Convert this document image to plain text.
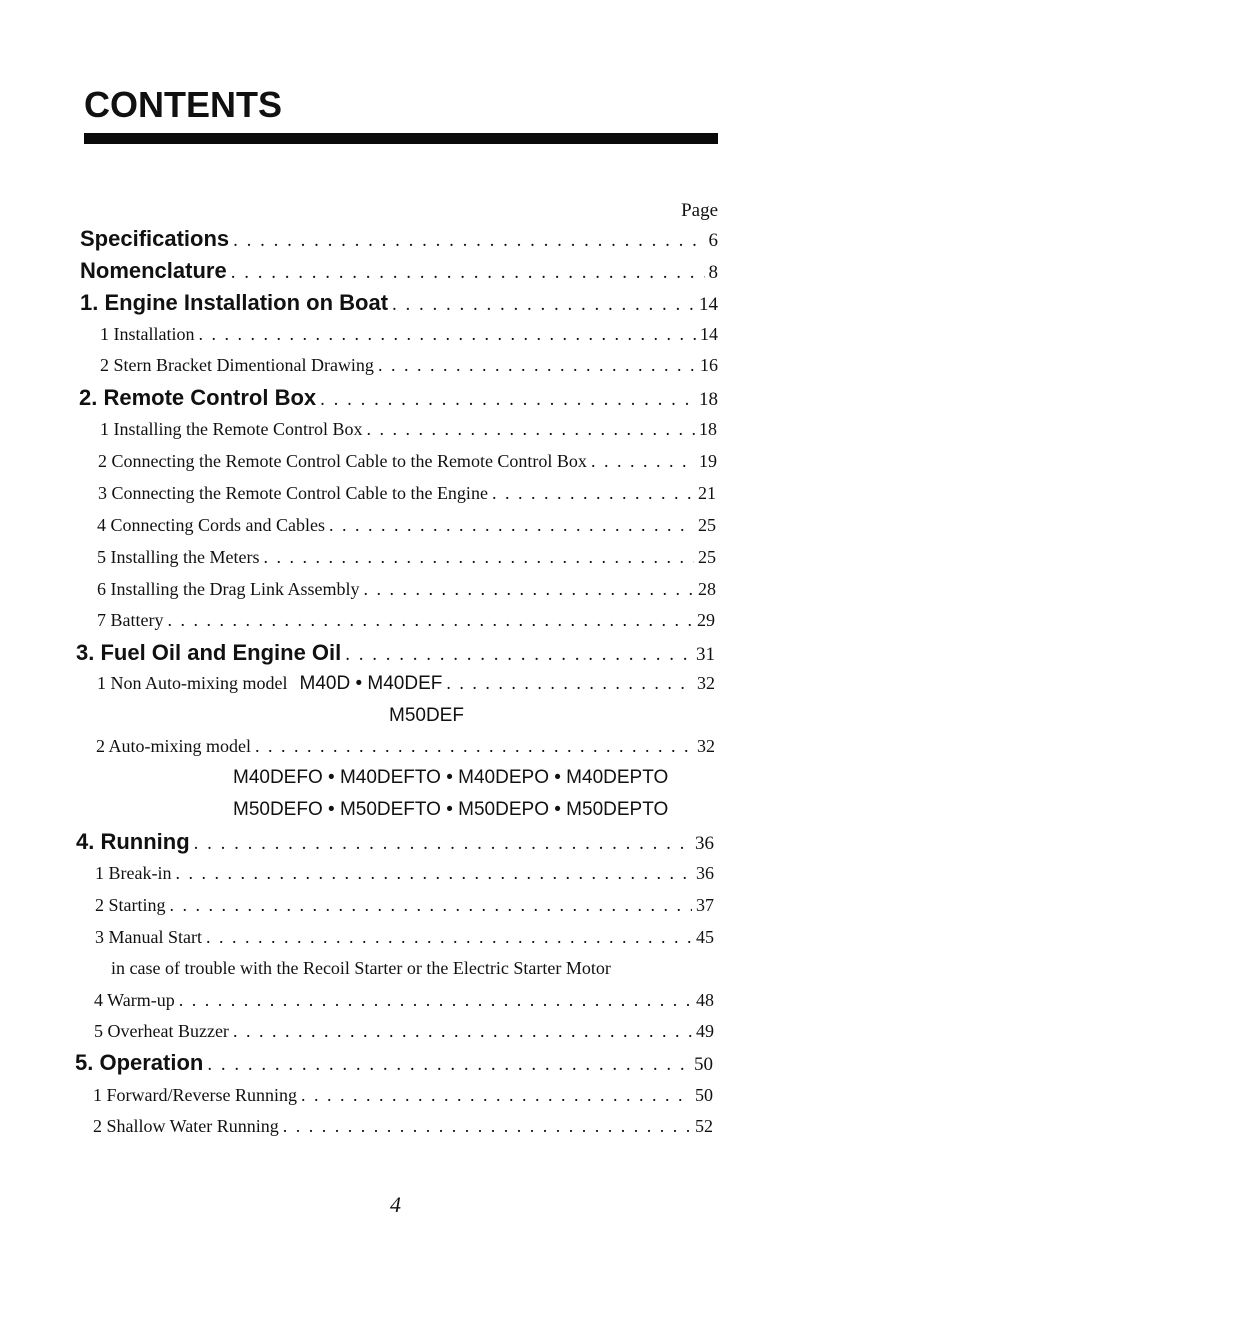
CONTENTS
Page
Specifications . . .	6
Nomenclature . . .	8
1. Engine Installation on Boat . . .	14
1 Installation . . .	14
2 Stern Bracket Dimentional Drawing . . .	16
2. Remote Control Box . . .	18
1 Installing the Remote Control Box . . .	18
2 Connecting the Remote Control Cable to the Remote Control Box . . .	19
3 Connecting the Remote Control Cable to the Engine . . .	21
4 Connecting Cords and Cables . . .	25
5 Installing the Meters . . .	25
6 Installing the Drag Link Assembly . . .	28
7 Battery . . .	29
3. Fuel Oil and Engine Oil . . .	31
1 Non Auto-mixing model M40D • M40DEF . . .	32
M50DEF
2 Auto-mixing model . . .	32
M40DEFO • M40DEFTO • M40DEPO • M40DEPTO
M50DEFO • M50DEFTO • M50DEPO • M50DEPTO
4. Running . . .	36
1 Break-in . . .	36
2 Starting . . .	37
3 Manual Start . . .	45
in case of trouble with the Recoil Starter or the Electric Starter Motor
4 Warm-up . . .	48
5 Overheat Buzzer . . .	49
5. Operation . . .	50
1 Forward/Reverse Running . . .	50
2 Shallow Water Running . . .	52
4
